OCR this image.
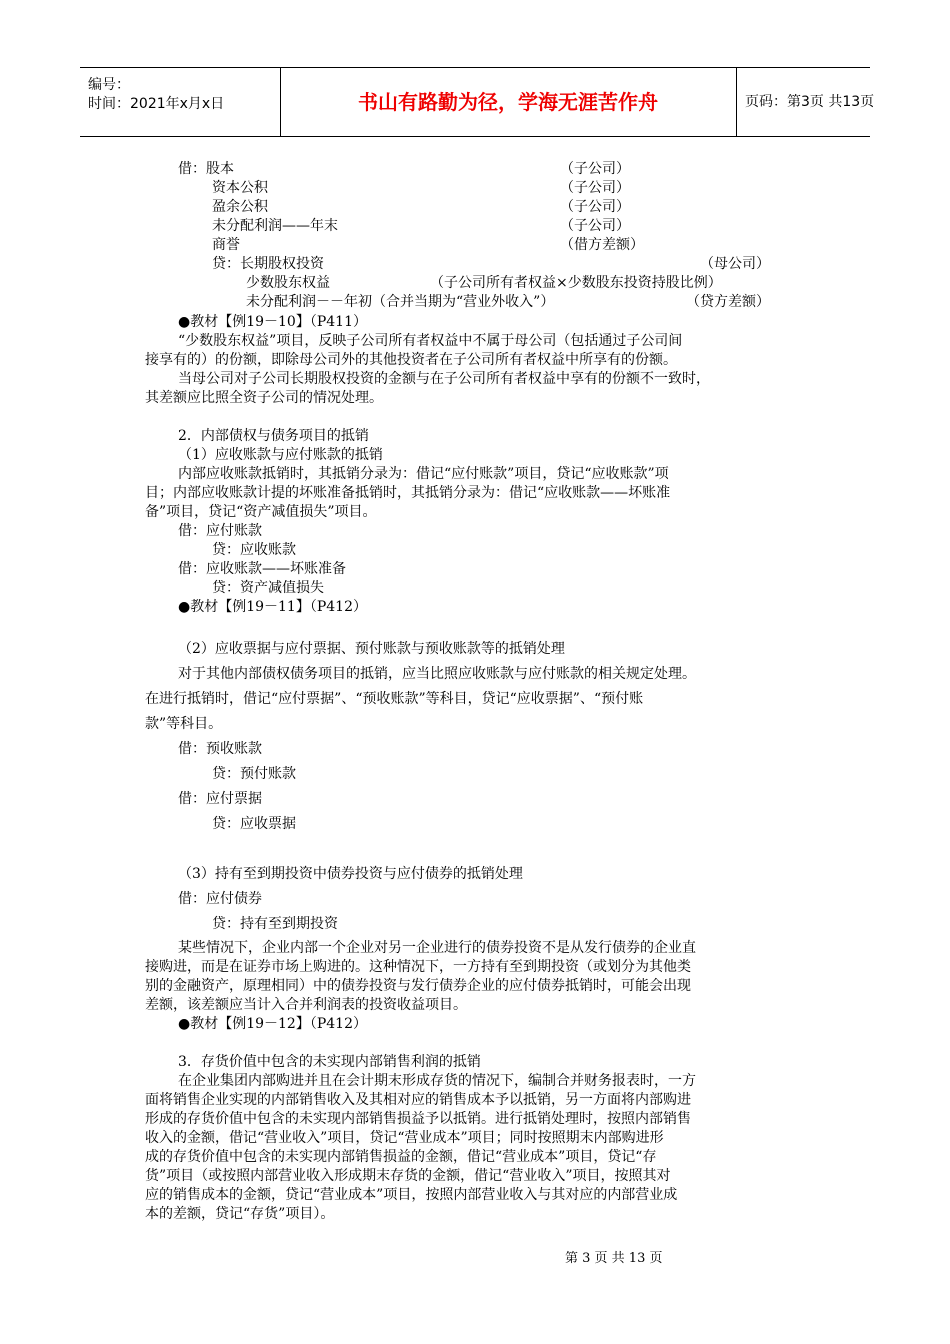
编号：
时间：2021年x月x日	书山有路勤为径，学海无涯苦作舟	页码：第3页 共13页
借：股本	（子公司）
资本公积	（子公司）
盈余公积	（子公司）
未分配利润——年末	（子公司）
商誉	（借方差额）
贷：长期股权投资	（母公司）
少数股东权益	（子公司所有者权益×少数股东投资持股比例）
未分配利润－－年初（合并当期为“营业外收入”）	（贷方差额）
●教材【例19－10】（P411）
“少数股东权益”项目，反映子公司所有者权益中不属于母公司（包括通过子公司间
接享有的）的份额，即除母公司外的其他投资者在子公司所有者权益中所享有的份额。
当母公司对子公司长期股权投资的金额与在子公司所有者权益中享有的份额不一致时，
其差额应比照全资子公司的情况处理。
2．内部债权与债务项目的抵销
（1）应收账款与应付账款的抵销
内部应收账款抵销时，其抵销分录为：借记“应付账款”项目，贷记“应收账款”项
目；内部应收账款计提的坏账准备抵销时，其抵销分录为：借记“应收账款——坏账准
备”项目，贷记“资产减值损失”项目。
借：应付账款
贷：应收账款
借：应收账款——坏账准备
贷：资产减值损失
●教材【例19－11】（P412）
（2）应收票据与应付票据、预付账款与预收账款等的抵销处理
对于其他内部债权债务项目的抵销，应当比照应收账款与应付账款的相关规定处理。
在进行抵销时，借记“应付票据”、“预收账款”等科目，贷记“应收票据”、“预付账
款”等科目。
借：预收账款
贷：预付账款
借：应付票据
贷：应收票据
（3）持有至到期投资中债券投资与应付债券的抵销处理
借：应付债券
贷：持有至到期投资
某些情况下，企业内部一个企业对另一企业进行的债券投资不是从发行债券的企业直
接购进，而是在证券市场上购进的。这种情况下，一方持有至到期投资（或划分为其他类
别的金融资产，原理相同）中的债券投资与发行债券企业的应付债券抵销时，可能会出现
差额，该差额应当计入合并利润表的投资收益项目。
●教材【例19－12】（P412）
3．存货价值中包含的未实现内部销售利润的抵销
在企业集团内部购进并且在会计期末形成存货的情况下，编制合并财务报表时，一方
面将销售企业实现的内部销售收入及其相对应的销售成本予以抵销，另一方面将内部购进
形成的存货价值中包含的未实现内部销售损益予以抵销。进行抵销处理时，按照内部销售
收入的金额，借记“营业收入”项目，贷记“营业成本”项目；同时按照期末内部购进形
成的存货价值中包含的未实现内部销售损益的金额，借记“营业成本”项目，贷记“存
货”项目（或按照内部营业收入形成期末存货的金额，借记“营业收入”项目，按照其对
应的销售成本的金额，贷记“营业成本”项目，按照内部营业收入与其对应的内部营业成
本的差额，贷记“存货”项目）。
第 3 页 共 13 页
